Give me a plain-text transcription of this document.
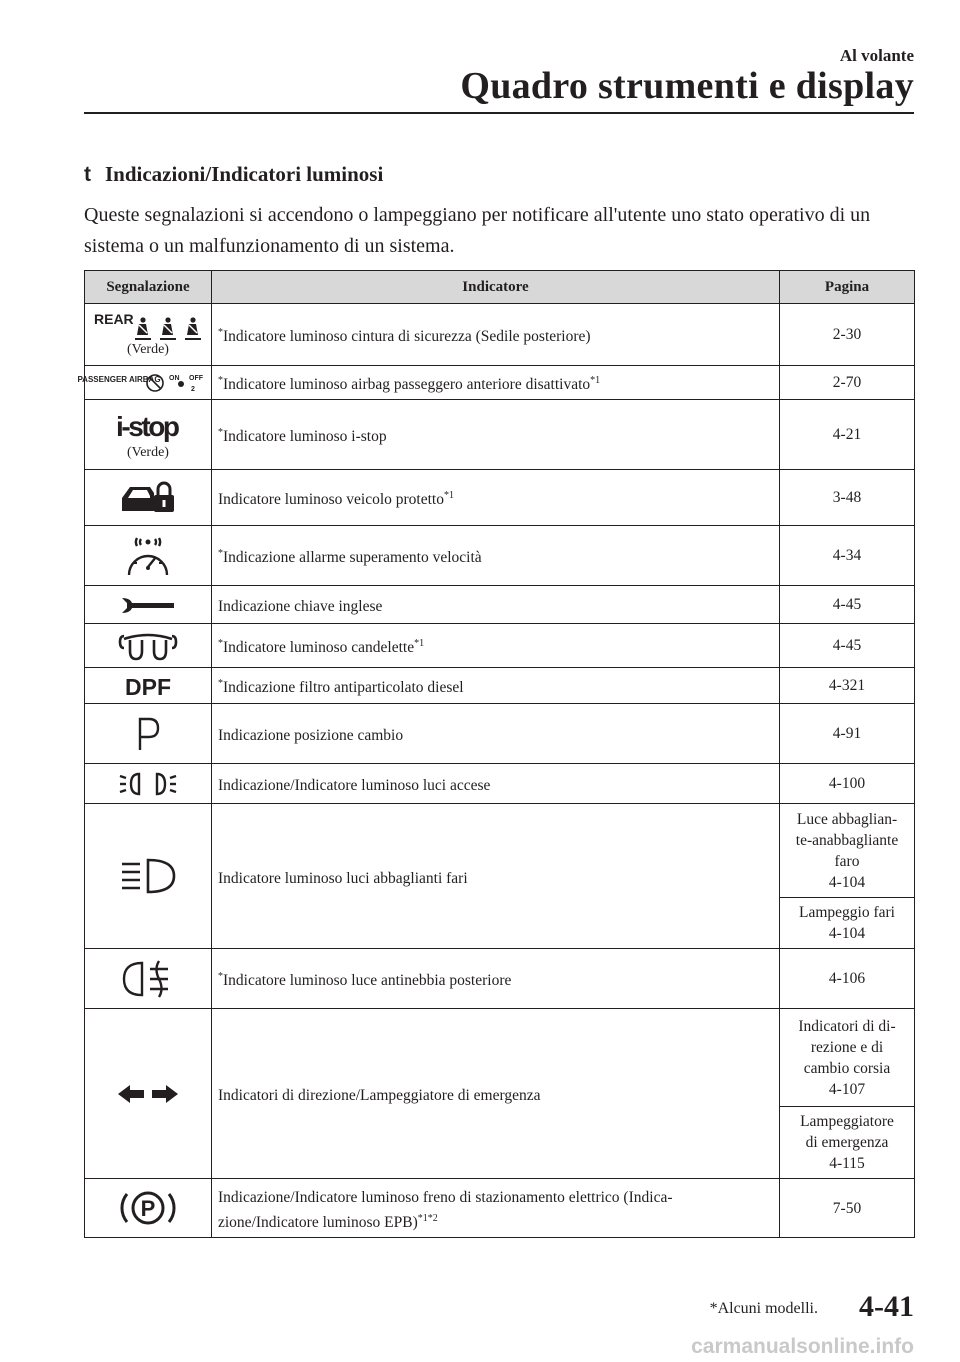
Al volante
Quadro strumenti e display
t Indicazioni/Indicatori luminosi
Queste segnalazioni si accendono o lampeggiano per notificare all'utente uno stato operativo di un sistema o un malfunzionamento di un sistema.
Segnalazione	Indicatore	Pagina

REAR
(Verde)	*Indicatore luminoso cintura di sicurezza (Sedile posteriore)	2-30

PASSENGER AIRBAG ON OFF
2	*Indicatore luminoso airbag passeggero anteriore disattivato$^{*1}$	2-70

i-stop
(Verde)	*Indicatore luminoso i-stop	4-21

	Indicatore luminoso veicolo protetto$^{*1}$	3-48

	*Indicazione allarme superamento velocità	4-34

	Indicazione chiave inglese	4-45

	*Indicatore luminoso candelette$^{*1}$	4-45

DPF	*Indicazione filtro antiparticolato diesel	4-321

	Indicazione posizione cambio	4-91

	Indicazione/Indicatore luminoso luci accese	4-100

	Indicatore luminoso luci abbaglianti fari	Luce abbaglian-
te-anabbagliante
faro
4-104

		Lampeggio fari
4-104

	*Indicatore luminoso luce antinebbia posteriore	4-106

	Indicatori di direzione/Lampeggiatore di emergenza	Indicatori di di-
rezione e di
cambio corsia
4-107

		Lampeggiatore
di emergenza
4-115

P	Indicazione/Indicatore luminoso freno di stazionamento elettrico (Indica- zione/Indicatore luminoso EPB)$^{*1*2}$	7-50
*Alcuni modelli. 4-41
carmanualsonline.info
